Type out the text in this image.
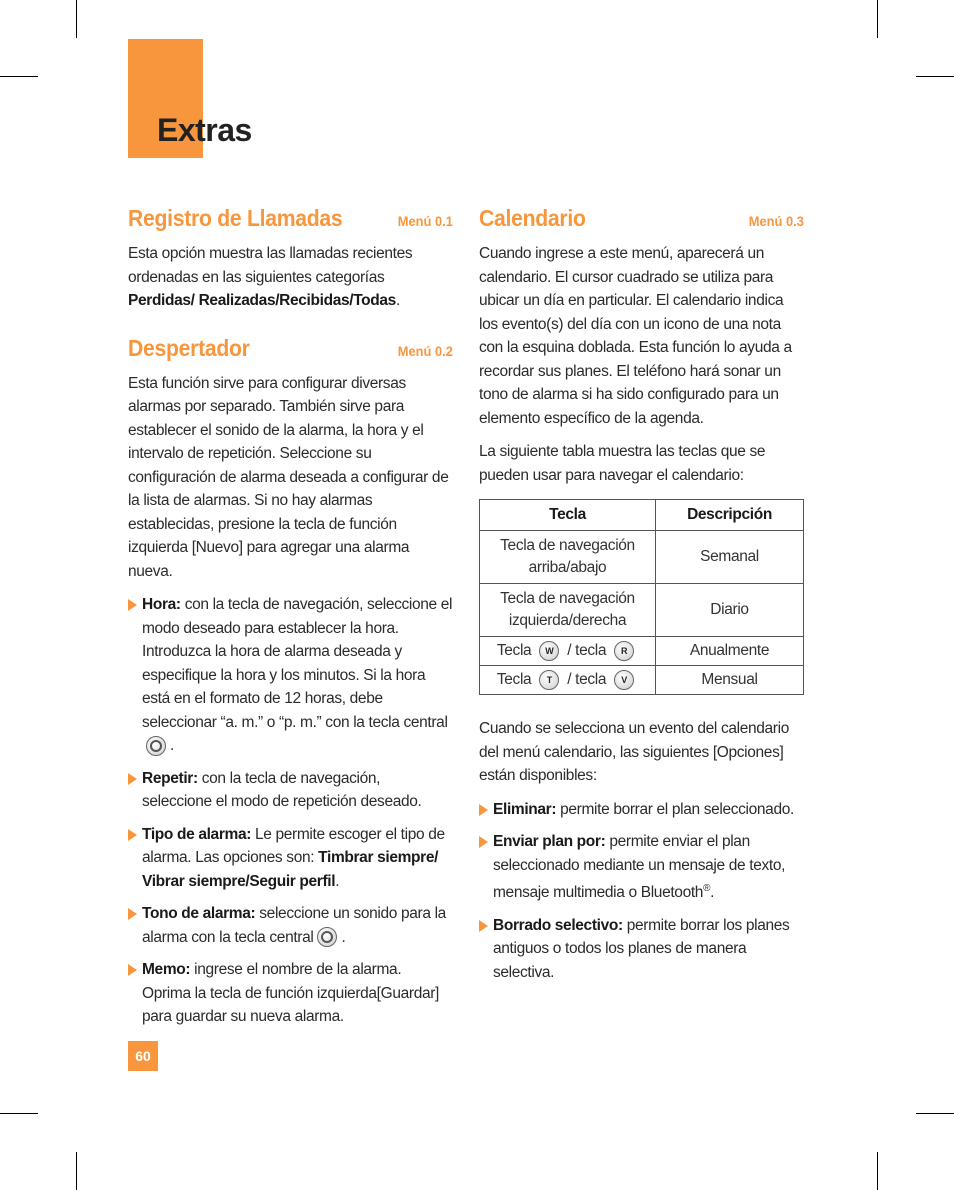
Extras
Registro de Llamadas	Menú 0.1

Esta opción muestra las llamadas recientes ordenadas en las siguientes categorías Perdidas/ Realizadas/Recibidas/Todas.

Despertador	Menú 0.2

Esta función sirve para configurar diversas alarmas por separado. También sirve para establecer el sonido de la alarma, la hora y el intervalo de repetición. Seleccione su configuración de alarma deseada a configurar de la lista de alarmas. Si no hay alarmas establecidas, presione la tecla de función izquierda [Nuevo] para agregar una alarma nueva.

Hora: con la tecla de navegación, seleccione el modo deseado para establecer la hora. Introduzca la hora de alarma deseada y especifique la hora y los minutos. Si la hora está en el formato de 12 horas, debe seleccionar “a. m.” o “p. m.” con la tecla central.
Repetir: con la tecla de navegación, seleccione el modo de repetición deseado.
Tipo de alarma: Le permite escoger el tipo de alarma. Las opciones son: Timbrar siempre/ Vibrar siempre/Seguir perfil.
Tono de alarma: seleccione un sonido para la alarma con la tecla central .
Memo: ingrese el nombre de la alarma. Oprima la tecla de función izquierda[Guardar] para guardar su nueva alarma.
Calendario	Menú 0.3

Cuando ingrese a este menú, aparecerá un calendario. El cursor cuadrado se utiliza para ubicar un día en particular. El calendario indica los evento(s) del día con un icono de una nota con la esquina doblada. Esta función lo ayuda a recordar sus planes. El teléfono hará sonar un tono de alarma si ha sido configurado para un elemento específico de la agenda.

La siguiente tabla muestra las teclas que se pueden usar para navegar el calendario:

Tecla	Descripción
Tecla de navegación arriba/abajo	Semanal
Tecla de navegación izquierda/derecha	Diario
Tecla W / tecla R	Anualmente
Tecla T / tecla V	Mensual

Cuando se selecciona un evento del calendario del menú calendario, las siguientes [Opciones] están disponibles:

Eliminar: permite borrar el plan seleccionado.
Enviar plan por: permite enviar el plan seleccionado mediante un mensaje de texto, mensaje multimedia o Bluetooth®.
Borrado selectivo: permite borrar los planes antiguos o todos los planes de manera selectiva.
60
